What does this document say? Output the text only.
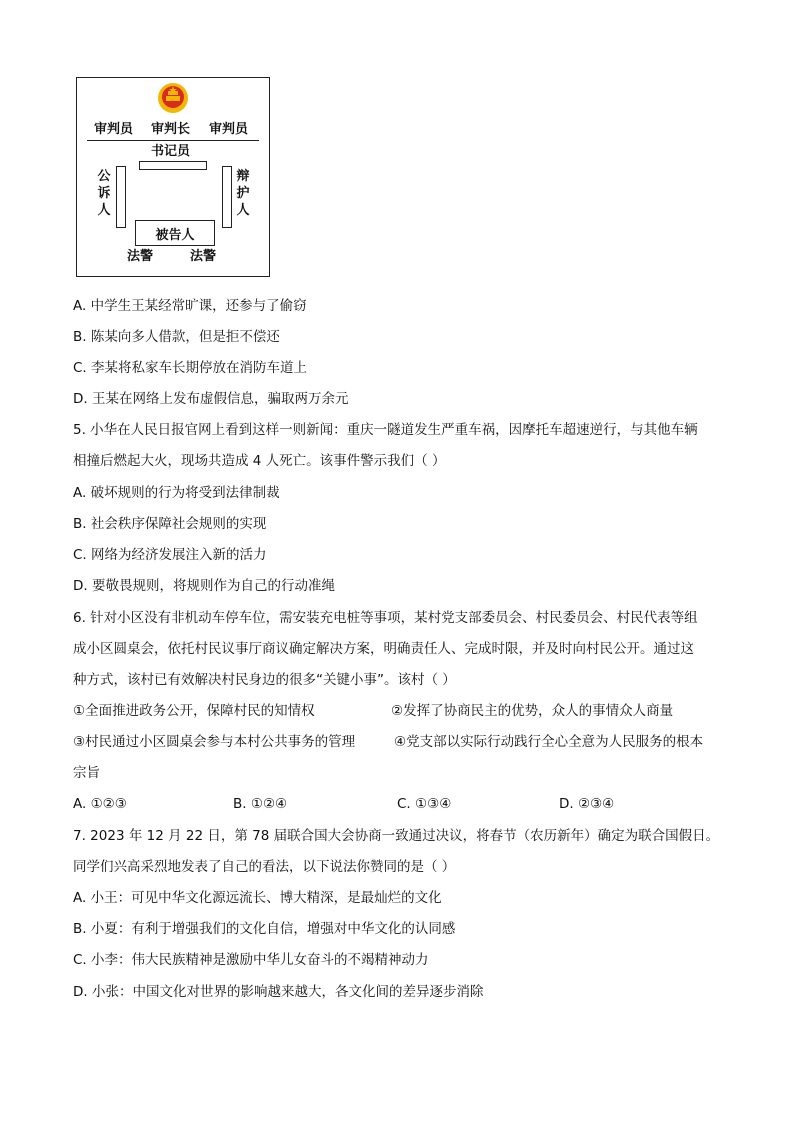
审判员 审判长 审判员
书记员
公诉人
辩护人
被告人
法警	法警
A. 中学生王某经常旷课，还参与了偷窃
B. 陈某向多人借款，但是拒不偿还
C. 李某将私家车长期停放在消防车道上
D. 王某在网络上发布虚假信息，骗取两万余元
5. 小华在人民日报官网上看到这样一则新闻：重庆一隧道发生严重车祸，因摩托车超速逆行，与其他车辆
相撞后燃起大火，现场共造成 4 人死亡。该事件警示我们（ ）
A. 破坏规则的行为将受到法律制裁
B. 社会秩序保障社会规则的实现
C. 网络为经济发展注入新的活力
D. 要敬畏规则，将规则作为自己的行动准绳
6. 针对小区没有非机动车停车位，需安装充电桩等事项，某村党支部委员会、村民委员会、村民代表等组
成小区圆桌会，依托村民议事厅商议确定解决方案，明确责任人、完成时限，并及时向村民公开。通过这
种方式，该村已有效解决村民身边的很多“关键小事”。该村（ ）
①全面推进政务公开，保障村民的知情权	②发挥了协商民主的优势，众人的事情众人商量
③村民通过小区圆桌会参与本村公共事务的管理	④党支部以实际行动践行全心全意为人民服务的根本
宗旨
A. ①②③	B. ①②④	C. ①③④	D. ②③④
7. 2023 年 12 月 22 日，第 78 届联合国大会协商一致通过决议，将春节（农历新年）确定为联合国假日。
同学们兴高采烈地发表了自己的看法，以下说法你赞同的是（ ）
A. 小王：可见中华文化源远流长、博大精深，是最灿烂的文化
B. 小夏：有利于增强我们的文化自信，增强对中华文化的认同感
C. 小李：伟大民族精神是激励中华儿女奋斗的不竭精神动力
D. 小张：中国文化对世界的影响越来越大，各文化间的差异逐步消除
